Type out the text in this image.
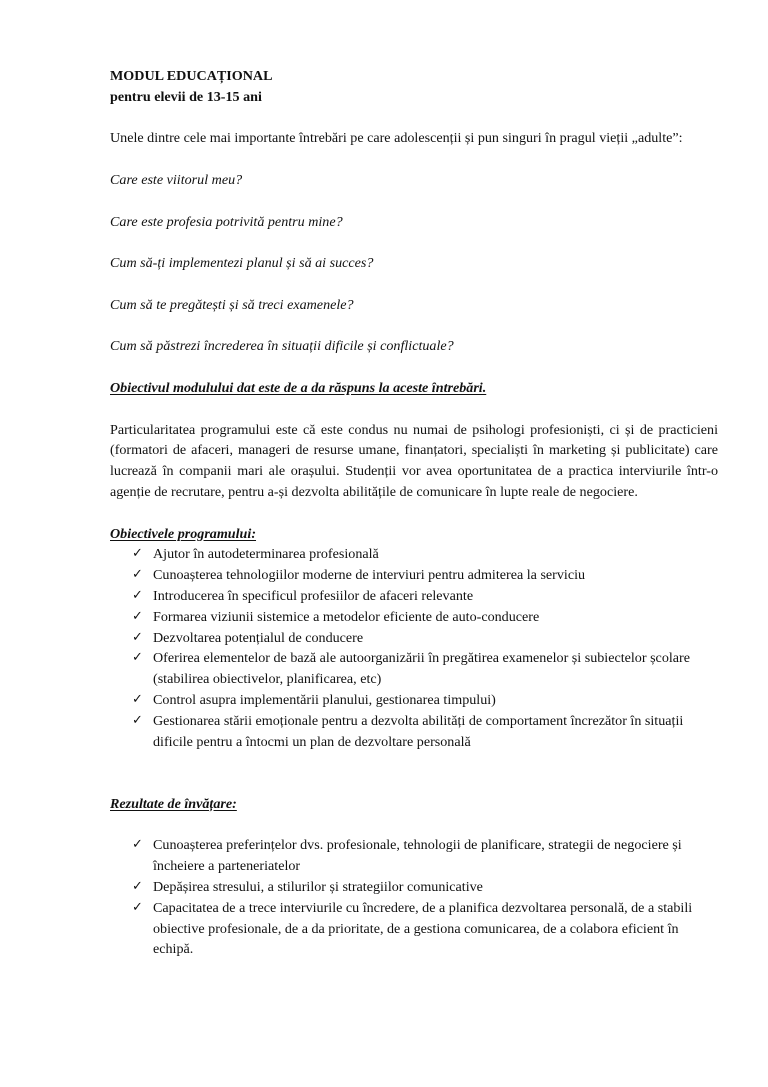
MODUL EDUCAȚIONAL

pentru elevii de 13-15 ani

Unele dintre cele mai importante întrebări pe care adolescenții și pun singuri în pragul vieții „adulte”:

Care este viitorul meu?

Care este profesia potrivită pentru mine?

Cum să-ți implementezi planul și să ai succes?

Cum să te pregătești și să treci examenele?

Cum să păstrezi încrederea în situații dificile și conflictuale?

Obiectivul modulului dat este de a da răspuns la aceste întrebări.

Particularitatea programului este că este condus nu numai de psihologi profesioniști, ci și de practicieni (formatori de afaceri, manageri de resurse umane, finanțatori, specialiști în marketing și publicitate) care lucrează în companii mari ale orașului. Studenții vor avea oportunitatea de a practica interviurile într-o agenție de recrutare, pentru a-și dezvolta abilitățile de comunicare în lupte reale de negociere.

Obiectivele programului:

✓ Ajutor în autodeterminarea profesională
✓ Cunoașterea tehnologiilor moderne de interviuri pentru admiterea la serviciu
✓ Introducerea în specificul profesiilor de afaceri relevante
✓ Formarea viziunii sistemice a metodelor eficiente de auto-conducere
✓ Dezvoltarea potențialul de conducere
✓ Oferirea elementelor de bază ale autoorganizării în pregătirea examenelor și subiectelor școlare (stabilirea obiectivelor, planificarea, etc)
✓ Control asupra implementării planului, gestionarea timpului)
✓ Gestionarea stării emoționale pentru a dezvolta abilități de comportament încrezător în situații dificile pentru a întocmi un plan de dezvoltare personală

Rezultate de învățare:

✓ Cunoașterea preferințelor dvs. profesionale, tehnologii de planificare, strategii de negociere și încheiere a parteneriatelor
✓ Depășirea stresului, a stilurilor și strategiilor comunicative
✓ Capacitatea de a trece interviurile cu încredere, de a planifica dezvoltarea personală, de a stabili obiective profesionale, de a da prioritate, de a gestiona comunicarea, de a colabora eficient în echipă.
